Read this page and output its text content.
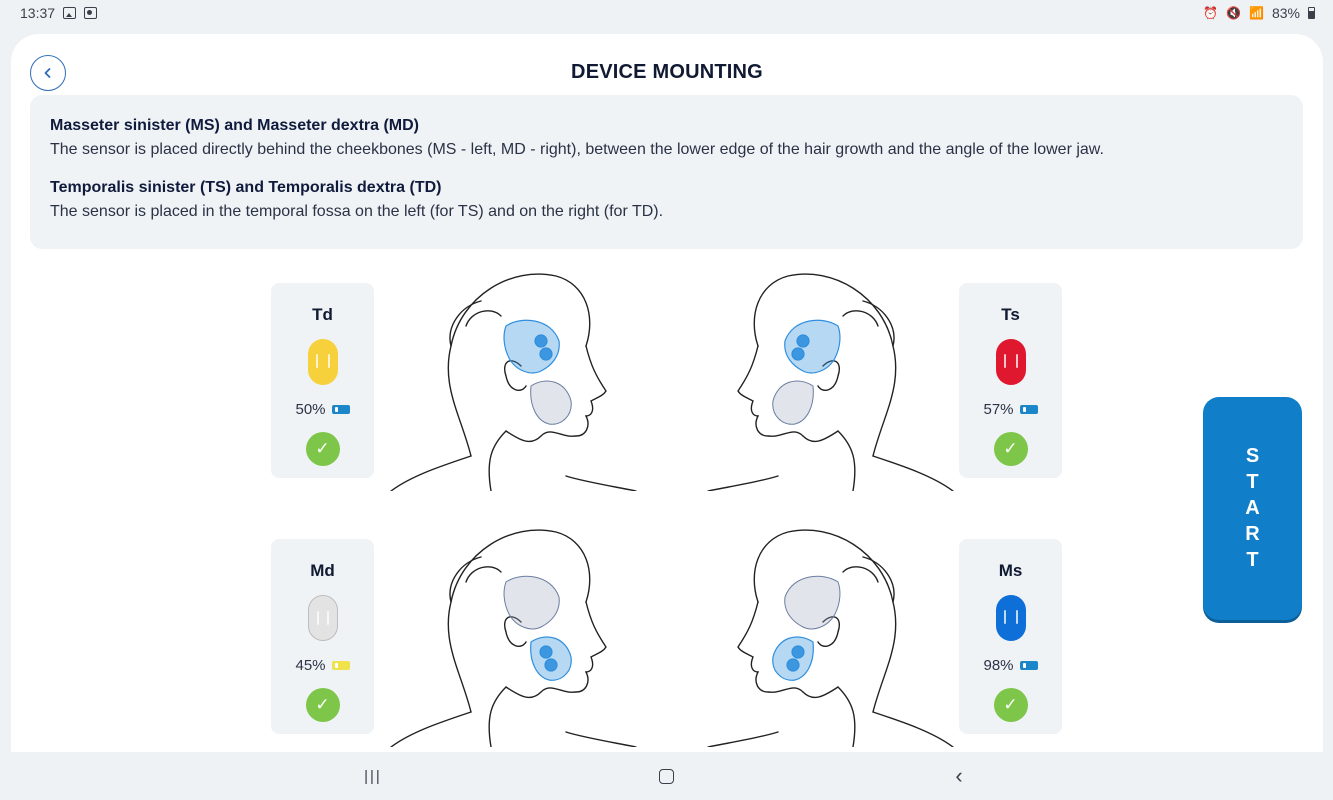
13:37	⏰ 🔇 📶 83%
DEVICE MOUNTING
Masseter sinister (MS) and Masseter dextra (MD)
The sensor is placed directly behind the cheekbones (MS - left, MD - right), between the lower edge of the hair growth and the angle of the lower jaw.
Temporalis sinister (TS) and Temporalis dextra (TD)
The sensor is placed in the temporal fossa on the left (for TS) and on the right (for TD).
Td
50%
✓
Ts
57%
✓
Md
45%
✓
Ms
98%
✓
S
T
A
R
T
|||	‹
